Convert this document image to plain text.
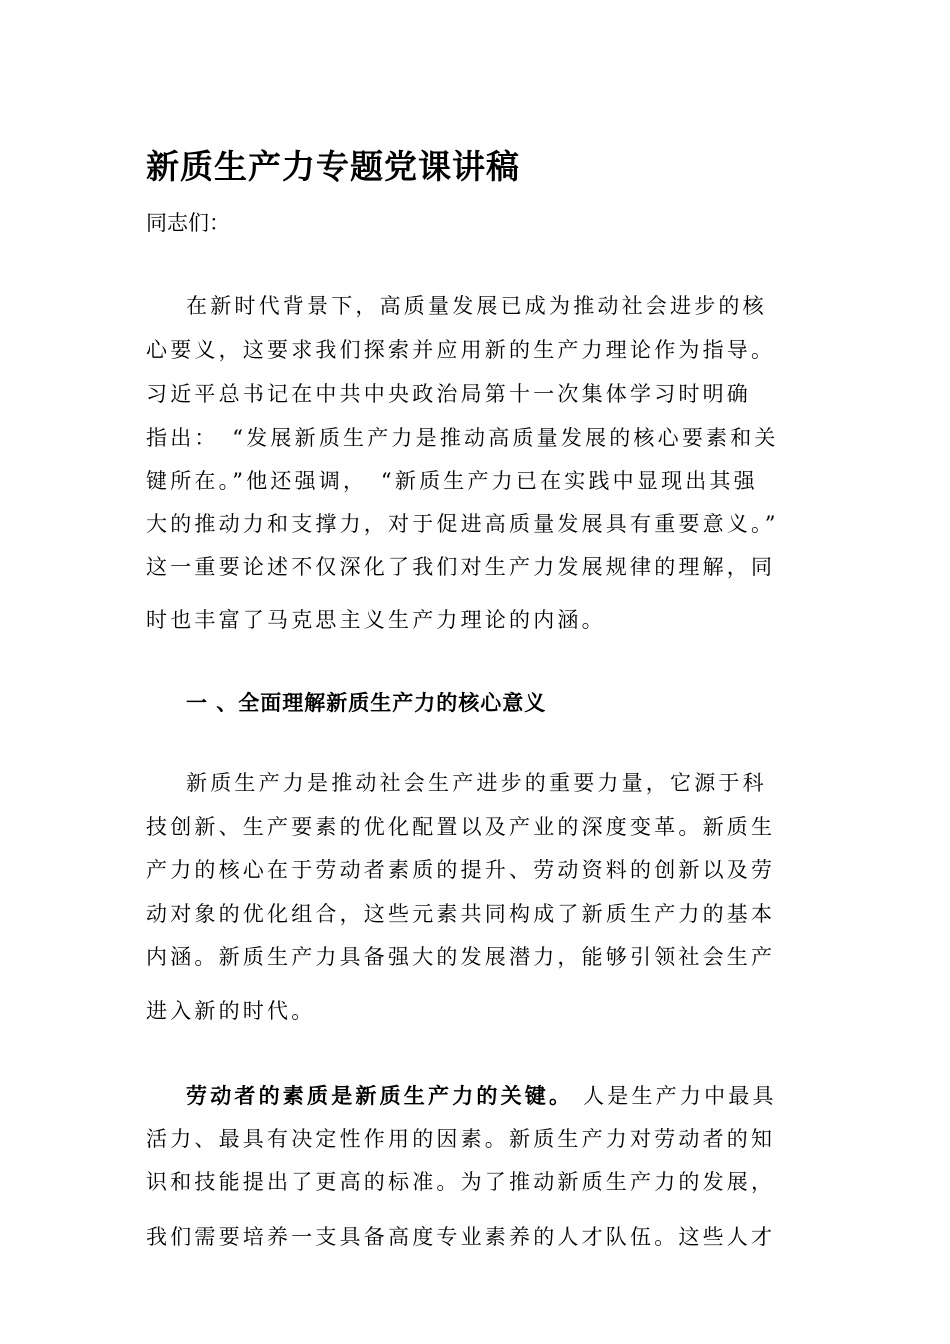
新质生产力专题党课讲稿
同志们：
在新时代背景下，高质量发展已成为推动社会进步的核
心要义，这要求我们探索并应用新的生产力理论作为指导。
习近平总书记在中共中央政治局第十一次集体学习时明确
指出：　“发展新质生产力是推动高质量发展的核心要素和关
键所在。”他还强调，　“新质生产力已在实践中显现出其强
大的推动力和支撑力，对于促进高质量发展具有重要意义。”
这一重要论述不仅深化了我们对生产力发展规律的理解，同
时也丰富了马克思主义生产力理论的内涵。
一 、全面理解新质生产力的核心意义
新质生产力是推动社会生产进步的重要力量，它源于科
技创新、生产要素的优化配置以及产业的深度变革。新质生
产力的核心在于劳动者素质的提升、劳动资料的创新以及劳
动对象的优化组合，这些元素共同构成了新质生产力的基本
内涵。新质生产力具备强大的发展潜力，能够引领社会生产
进入新的时代。
劳动者的素质是新质生产力的关键。 人是生产力中最具
活力、最具有决定性作用的因素。新质生产力对劳动者的知
识和技能提出了更高的标准。为了推动新质生产力的发展，
我们需要培养一支具备高度专业素养的人才队伍。这些人才
